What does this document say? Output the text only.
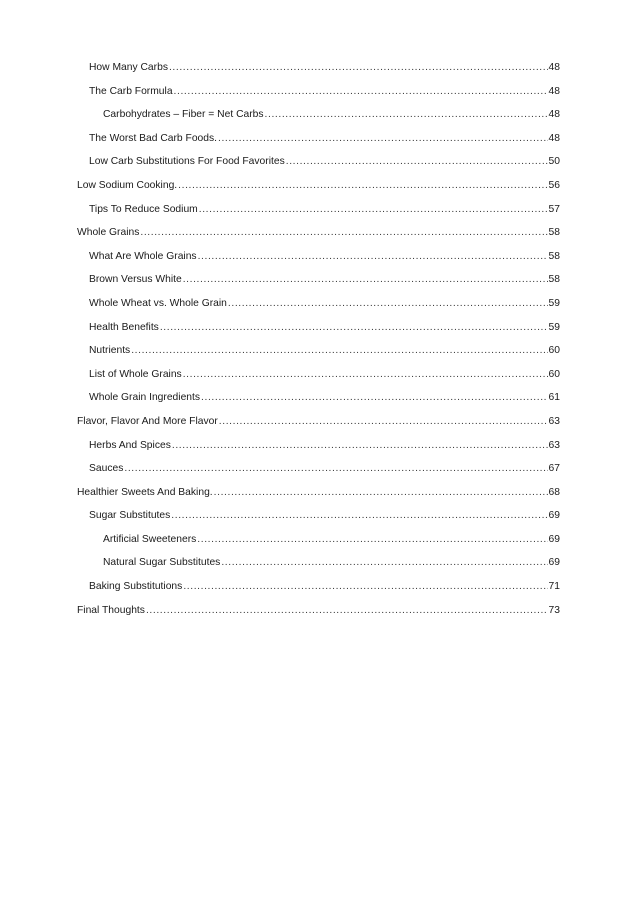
How Many Carbs .....	48
The Carb Formula .....	48
Carbohydrates – Fiber = Net Carbs .....	48
The Worst Bad Carb Foods. .....	48
Low Carb Substitutions For Food Favorites .....	50
Low Sodium Cooking. .....	56
Tips To Reduce Sodium .....	57
Whole Grains .....	58
What Are Whole Grains .....	58
Brown Versus White .....	58
Whole Wheat vs. Whole Grain .....	59
Health Benefits .....	59
Nutrients .....	60
List of Whole Grains .....	60
Whole Grain Ingredients .....	61
Flavor, Flavor And More Flavor .....	63
Herbs And Spices .....	63
Sauces .....	67
Healthier Sweets And Baking. .....	68
Sugar Substitutes .....	69
Artificial Sweeteners .....	69
Natural Sugar Substitutes .....	69
Baking Substitutions .....	71
Final Thoughts .....	73
